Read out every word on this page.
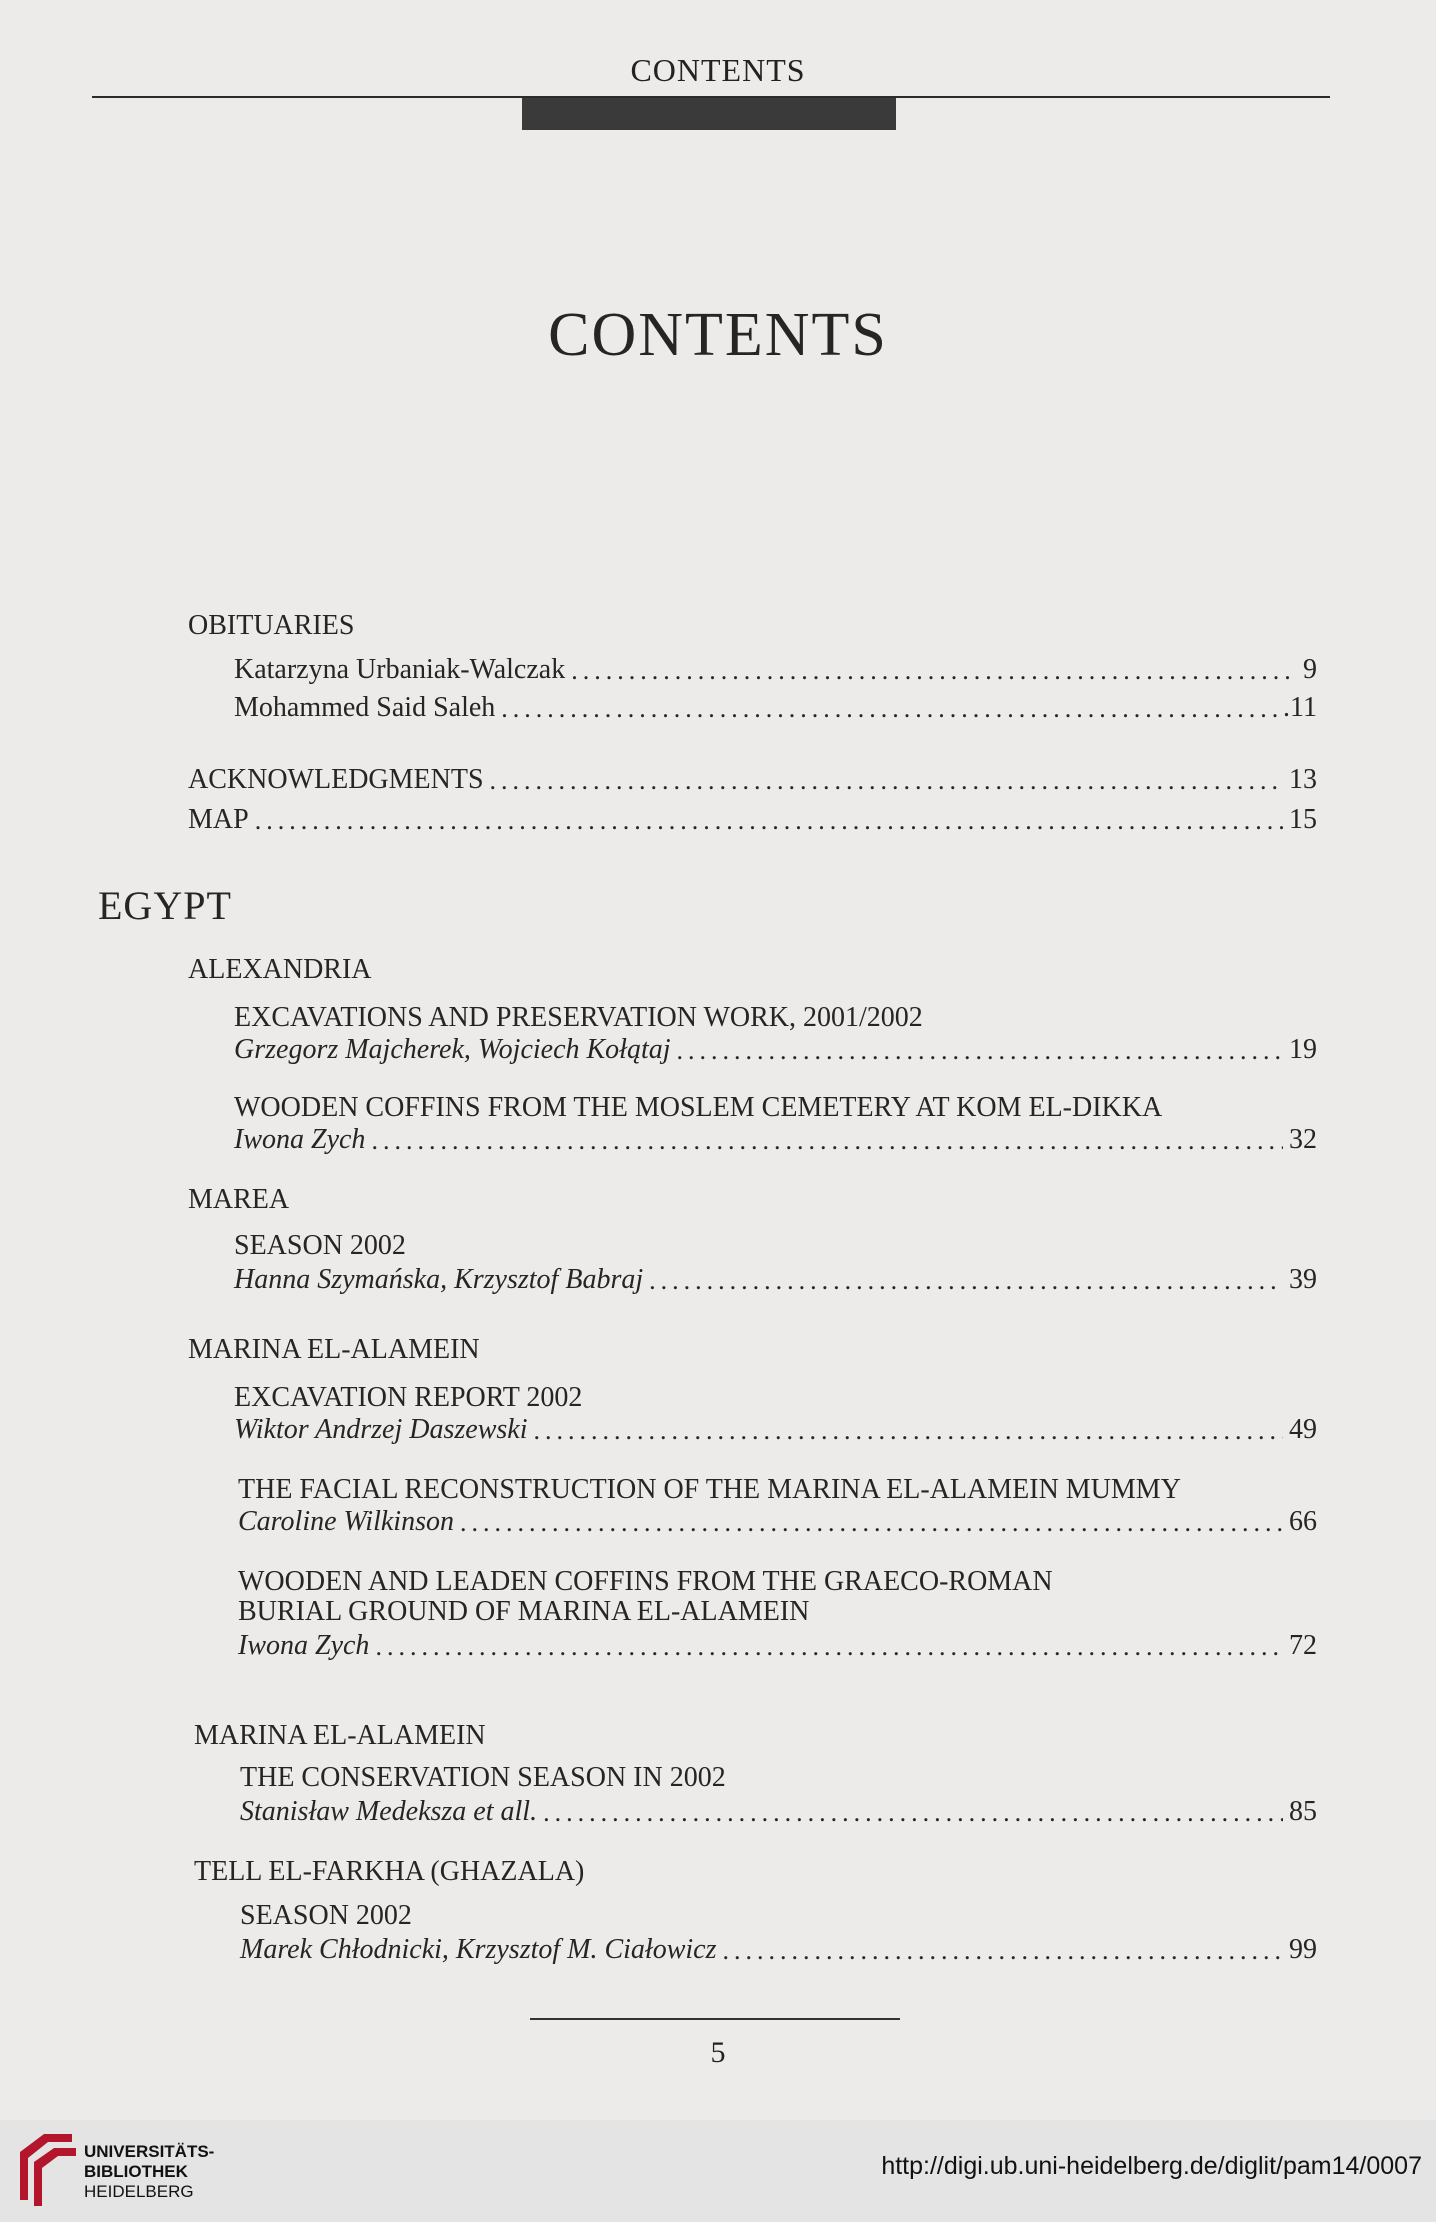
CONTENTS
CONTENTS
OBITUARIES
Katarzyna Urbaniak-Walczak .....	9
Mohammed Said Saleh .....	.11
ACKNOWLEDGMENTS .....	13
MAP .....	15
EGYPT
ALEXANDRIA
EXCAVATIONS AND PRESERVATION WORK, 2001/2002
Grzegorz Majcherek, Wojciech Kołątaj .....	19
WOODEN COFFINS FROM THE MOSLEM CEMETERY AT KOM EL-DIKKA
Iwona Zych .....	32
MAREA
SEASON 2002
Hanna Szymańska, Krzysztof Babraj .....	39
MARINA EL-ALAMEIN
EXCAVATION REPORT 2002
Wiktor Andrzej Daszewski .....	49
THE FACIAL RECONSTRUCTION OF THE MARINA EL-ALAMEIN MUMMY
Caroline Wilkinson .....	66
WOODEN AND LEADEN COFFINS FROM THE GRAECO-ROMAN
BURIAL GROUND OF MARINA EL-ALAMEIN
Iwona Zych .....	72
MARINA EL-ALAMEIN
THE CONSERVATION SEASON IN 2002
Stanisław Medeksza et all. .....	85
TELL EL-FARKHA (GHAZALA)
SEASON 2002
Marek Chłodnicki, Krzysztof M. Ciałowicz .....	99
5
UNIVERSITÄTS-
BIBLIOTHEK
HEIDELBERG
http://digi.ub.uni-heidelberg.de/diglit/pam14/0007
